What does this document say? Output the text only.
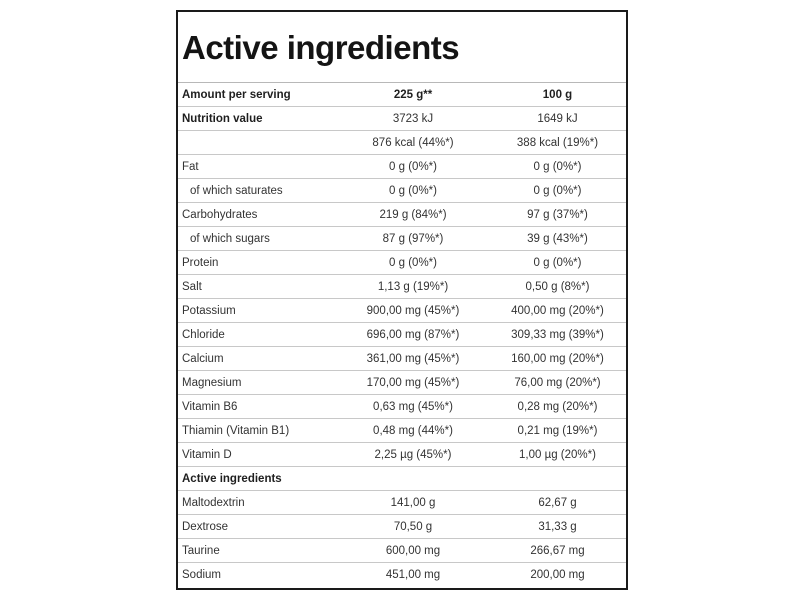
Active ingredients
Amount per serving	225 g**	100 g
Nutrition value	3723 kJ	1649 kJ
	876 kcal (44%*)	388 kcal (19%*)
Fat	0 g (0%*)	0 g (0%*)
of which saturates	0 g (0%*)	0 g (0%*)
Carbohydrates	219 g (84%*)	97 g (37%*)
of which sugars	87 g (97%*)	39 g (43%*)
Protein	0 g (0%*)	0 g (0%*)
Salt	1,13 g (19%*)	0,50 g (8%*)
Potassium	900,00 mg (45%*)	400,00 mg (20%*)
Chloride	696,00 mg (87%*)	309,33 mg (39%*)
Calcium	361,00 mg (45%*)	160,00 mg (20%*)
Magnesium	170,00 mg (45%*)	76,00 mg (20%*)
Vitamin B6	0,63 mg (45%*)	0,28 mg (20%*)
Thiamin (Vitamin B1)	0,48 mg (44%*)	0,21 mg (19%*)
Vitamin D	2,25 µg (45%*)	1,00 µg (20%*)
Active ingredients		
Maltodextrin	141,00 g	62,67 g
Dextrose	70,50 g	31,33 g
Taurine	600,00 mg	266,67 mg
Sodium	451,00 mg	200,00 mg
